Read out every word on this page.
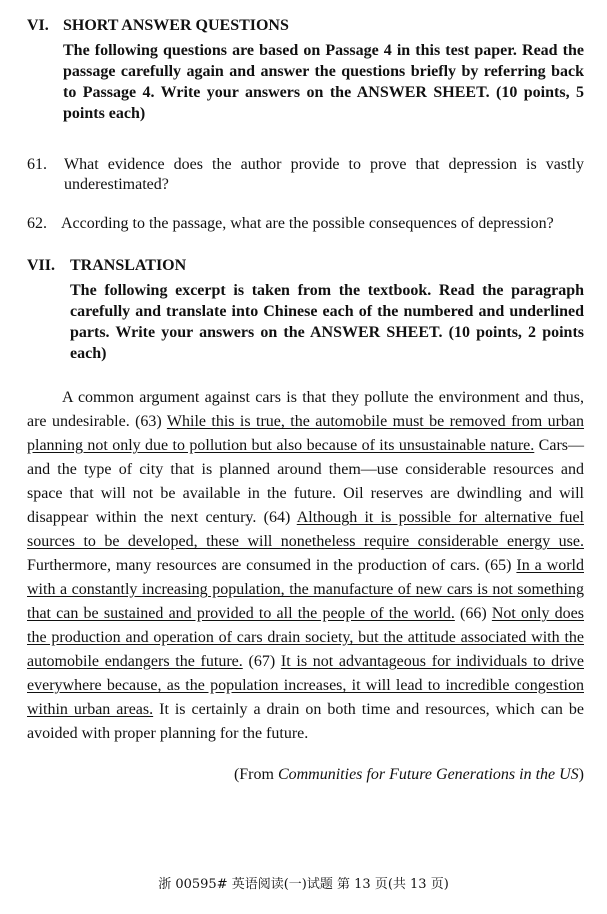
VI. SHORT ANSWER QUESTIONS
The following questions are based on Passage 4 in this test paper. Read the passage carefully again and answer the questions briefly by referring back to Passage 4. Write your answers on the ANSWER SHEET. (10 points, 5 points each)
61.	What evidence does the author provide to prove that depression is vastly underestimated?
62. According to the passage, what are the possible consequences of depression?
VII. TRANSLATION
The following excerpt is taken from the textbook. Read the paragraph carefully and translate into Chinese each of the numbered and underlined parts. Write your answers on the ANSWER SHEET. (10 points, 2 points each)
A common argument against cars is that they pollute the environment and thus, are undesirable. (63) While this is true, the automobile must be removed from urban planning not only due to pollution but also because of its unsustainable nature. Cars—and the type of city that is planned around them—use considerable resources and space that will not be available in the future. Oil reserves are dwindling and will disappear within the next century. (64) Although it is possible for alternative fuel sources to be developed, these will nonetheless require considerable energy use. Furthermore, many resources are consumed in the production of cars. (65) In a world with a constantly increasing population, the manufacture of new cars is not something that can be sustained and provided to all the people of the world. (66) Not only does the production and operation of cars drain society, but the attitude associated with the automobile endangers the future. (67) It is not advantageous for individuals to drive everywhere because, as the population increases, it will lead to incredible congestion within urban areas. It is certainly a drain on both time and resources, which can be avoided with proper planning for the future.
(From Communities for Future Generations in the US)
浙 00595# 英语阅读(一)试题 第 13 页(共 13 页)
